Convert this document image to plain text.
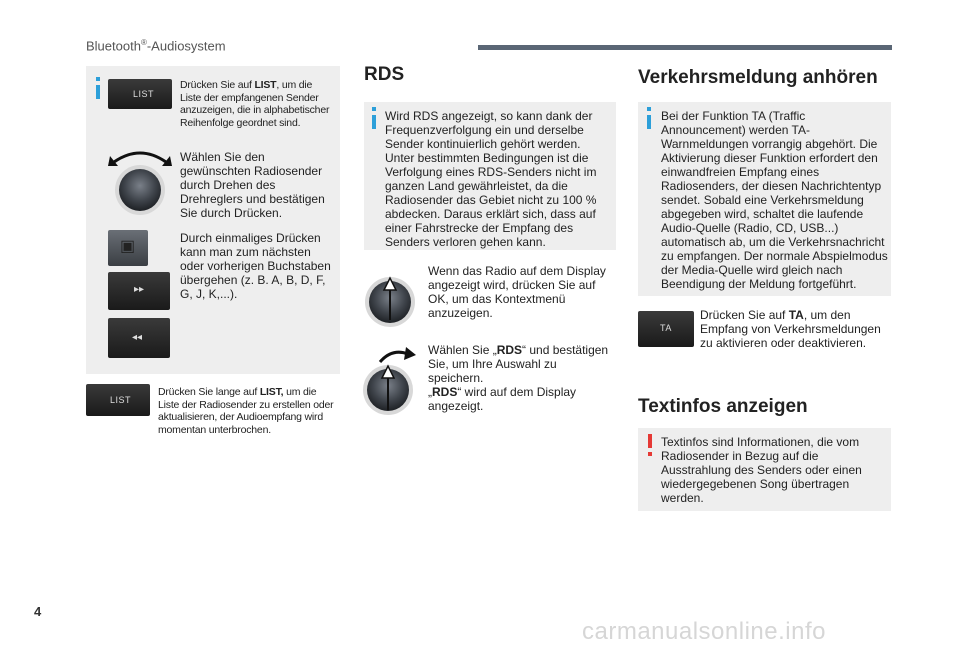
Bluetooth®-Audiosystem
LIST
Drücken Sie auf LIST, um die Liste der empfangenen Sender anzuzeigen, die in alphabetischer Reihenfolge geordnet sind.
Wählen Sie den gewünschten Radiosender durch Drehen des Drehreglers und bestätigen Sie durch Drücken.
▣
▸▸
◂◂
Durch einmaliges Drücken kann man zum nächsten oder vorherigen Buchstaben übergehen (z. B. A, B, D, F, G, J, K,...).
LIST
Drücken Sie lange auf LIST, um die Liste der Radiosender zu erstellen oder aktualisieren, der Audioempfang wird momentan unterbrochen.
RDS
Wird RDS angezeigt, so kann dank der Frequenzverfolgung ein und derselbe Sender kontinuierlich gehört werden. Unter bestimmten Bedingungen ist die Verfolgung eines RDS-Senders nicht im ganzen Land gewährleistet, da die Radiosender das Gebiet nicht zu 100 % abdecken. Daraus erklärt sich, dass auf einer Fahrstrecke der Empfang des Senders verloren gehen kann.
Wenn das Radio auf dem Display angezeigt wird, drücken Sie auf OK, um das Kontextmenü anzuzeigen.
Wählen Sie „RDS“ und bestätigen Sie, um Ihre Auswahl zu speichern.
„RDS“ wird auf dem Display angezeigt.
Verkehrsmeldung anhören
Bei der Funktion TA (Traffic Announcement) werden TA-Warnmeldungen vorrangig abgehört. Die Aktivierung dieser Funktion erfordert den einwandfreien Empfang eines Radiosenders, der diesen Nachrichtentyp sendet. Sobald eine Verkehrsmeldung abgegeben wird, schaltet die laufende Audio-Quelle (Radio, CD, USB...) automatisch ab, um die Verkehrsnachricht zu empfangen. Der normale Abspielmodus der Media-Quelle wird gleich nach Beendigung der Meldung fortgeführt.
TA
Drücken Sie auf TA, um den Empfang von Verkehrsmeldungen zu aktivieren oder deaktivieren.
Textinfos anzeigen
Textinfos sind Informationen, die vom Radiosender in Bezug auf die Ausstrahlung des Senders oder einen wiedergegebenen Song übertragen werden.
4
carmanualsonline.info
